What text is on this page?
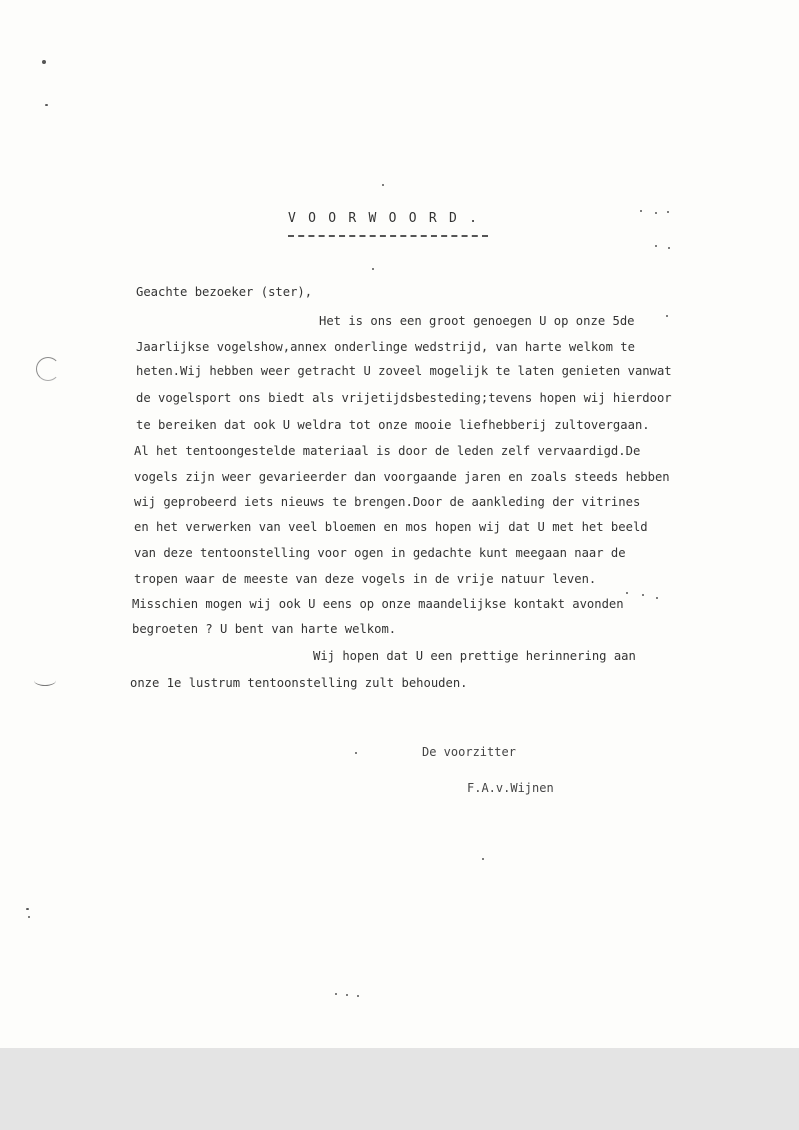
VOORWOORD.
Geachte bezoeker (ster),
Het is ons een groot genoegen U op onze 5de
Jaarlijkse vogelshow,annex onderlinge wedstrijd, van harte welkom te
heten.Wij hebben weer getracht U zoveel mogelijk te laten genieten vanwat
de vogelsport ons biedt als vrijetijdsbesteding;tevens hopen wij hierdoor
te bereiken dat ook U weldra tot onze mooie liefhebberij zultovergaan.
Al het tentoongestelde materiaal is door de leden zelf vervaardigd.De
vogels zijn weer gevarieerder dan voorgaande jaren en zoals steeds hebben
wij geprobeerd iets nieuws te brengen.Door de aankleding der vitrines
en het verwerken van veel bloemen en mos hopen wij dat U met het beeld
van deze tentoonstelling voor ogen in gedachte kunt meegaan naar de
tropen waar de meeste van deze vogels in de vrije natuur leven.
Misschien mogen wij ook U eens op onze maandelijkse kontakt avonden
begroeten ? U bent van harte welkom.
Wij hopen dat U een prettige herinnering aan
onze 1e lustrum tentoonstelling zult behouden.
De voorzitter
F.A.v.Wijnen
